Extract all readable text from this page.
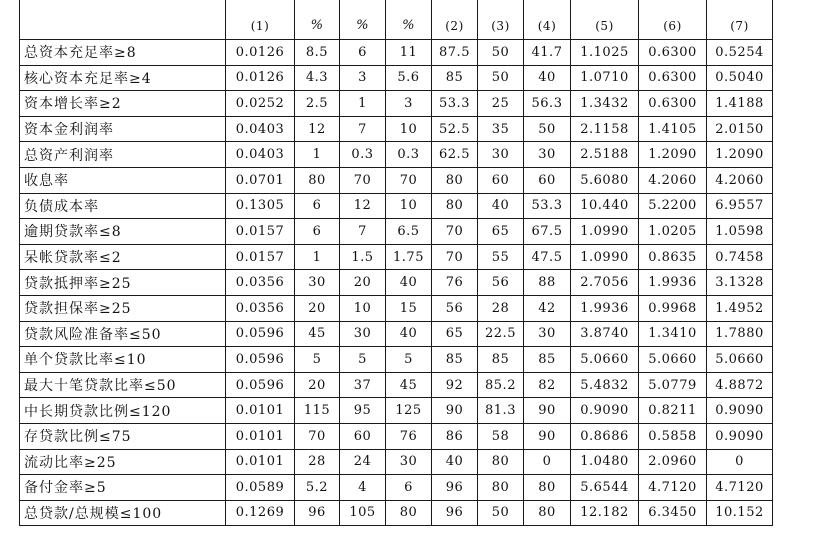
	(1)	%	%	%	(2)	(3)	(4)	(5)	(6)	(7)
总资本充足率≥8	0.0126	8.5	6	11	87.5	50	41.7	1.1025	0.6300	0.5254
核心资本充足率≥4	0.0126	4.3	3	5.6	85	50	40	1.0710	0.6300	0.5040
资本增长率≥2	0.0252	2.5	1	3	53.3	25	56.3	1.3432	0.6300	1.4188
资本金利润率	0.0403	12	7	10	52.5	35	50	2.1158	1.4105	2.0150
总资产利润率	0.0403	1	0.3	0.3	62.5	30	30	2.5188	1.2090	1.2090
收息率	0.0701	80	70	70	80	60	60	5.6080	4.2060	4.2060
负债成本率	0.1305	6	12	10	80	40	53.3	10.440	5.2200	6.9557
逾期贷款率≤8	0.0157	6	7	6.5	70	65	67.5	1.0990	1.0205	1.0598
呆帐贷款率≤2	0.0157	1	1.5	1.75	70	55	47.5	1.0990	0.8635	0.7458
贷款抵押率≥25	0.0356	30	20	40	76	56	88	2.7056	1.9936	3.1328
贷款担保率≥25	0.0356	20	10	15	56	28	42	1.9936	0.9968	1.4952
贷款风险准备率≤50	0.0596	45	30	40	65	22.5	30	3.8740	1.3410	1.7880
单个贷款比率≤10	0.0596	5	5	5	85	85	85	5.0660	5.0660	5.0660
最大十笔贷款比率≤50	0.0596	20	37	45	92	85.2	82	5.4832	5.0779	4.8872
中长期贷款比例≤120	0.0101	115	95	125	90	81.3	90	0.9090	0.8211	0.9090
存贷款比例≤75	0.0101	70	60	76	86	58	90	0.8686	0.5858	0.9090
流动比率≥25	0.0101	28	24	30	40	80	0	1.0480	2.0960	0
备付金率≥5	0.0589	5.2	4	6	96	80	80	5.6544	4.7120	4.7120
总贷款/总规模≤100	0.1269	96	105	80	96	50	80	12.182	6.3450	10.152
